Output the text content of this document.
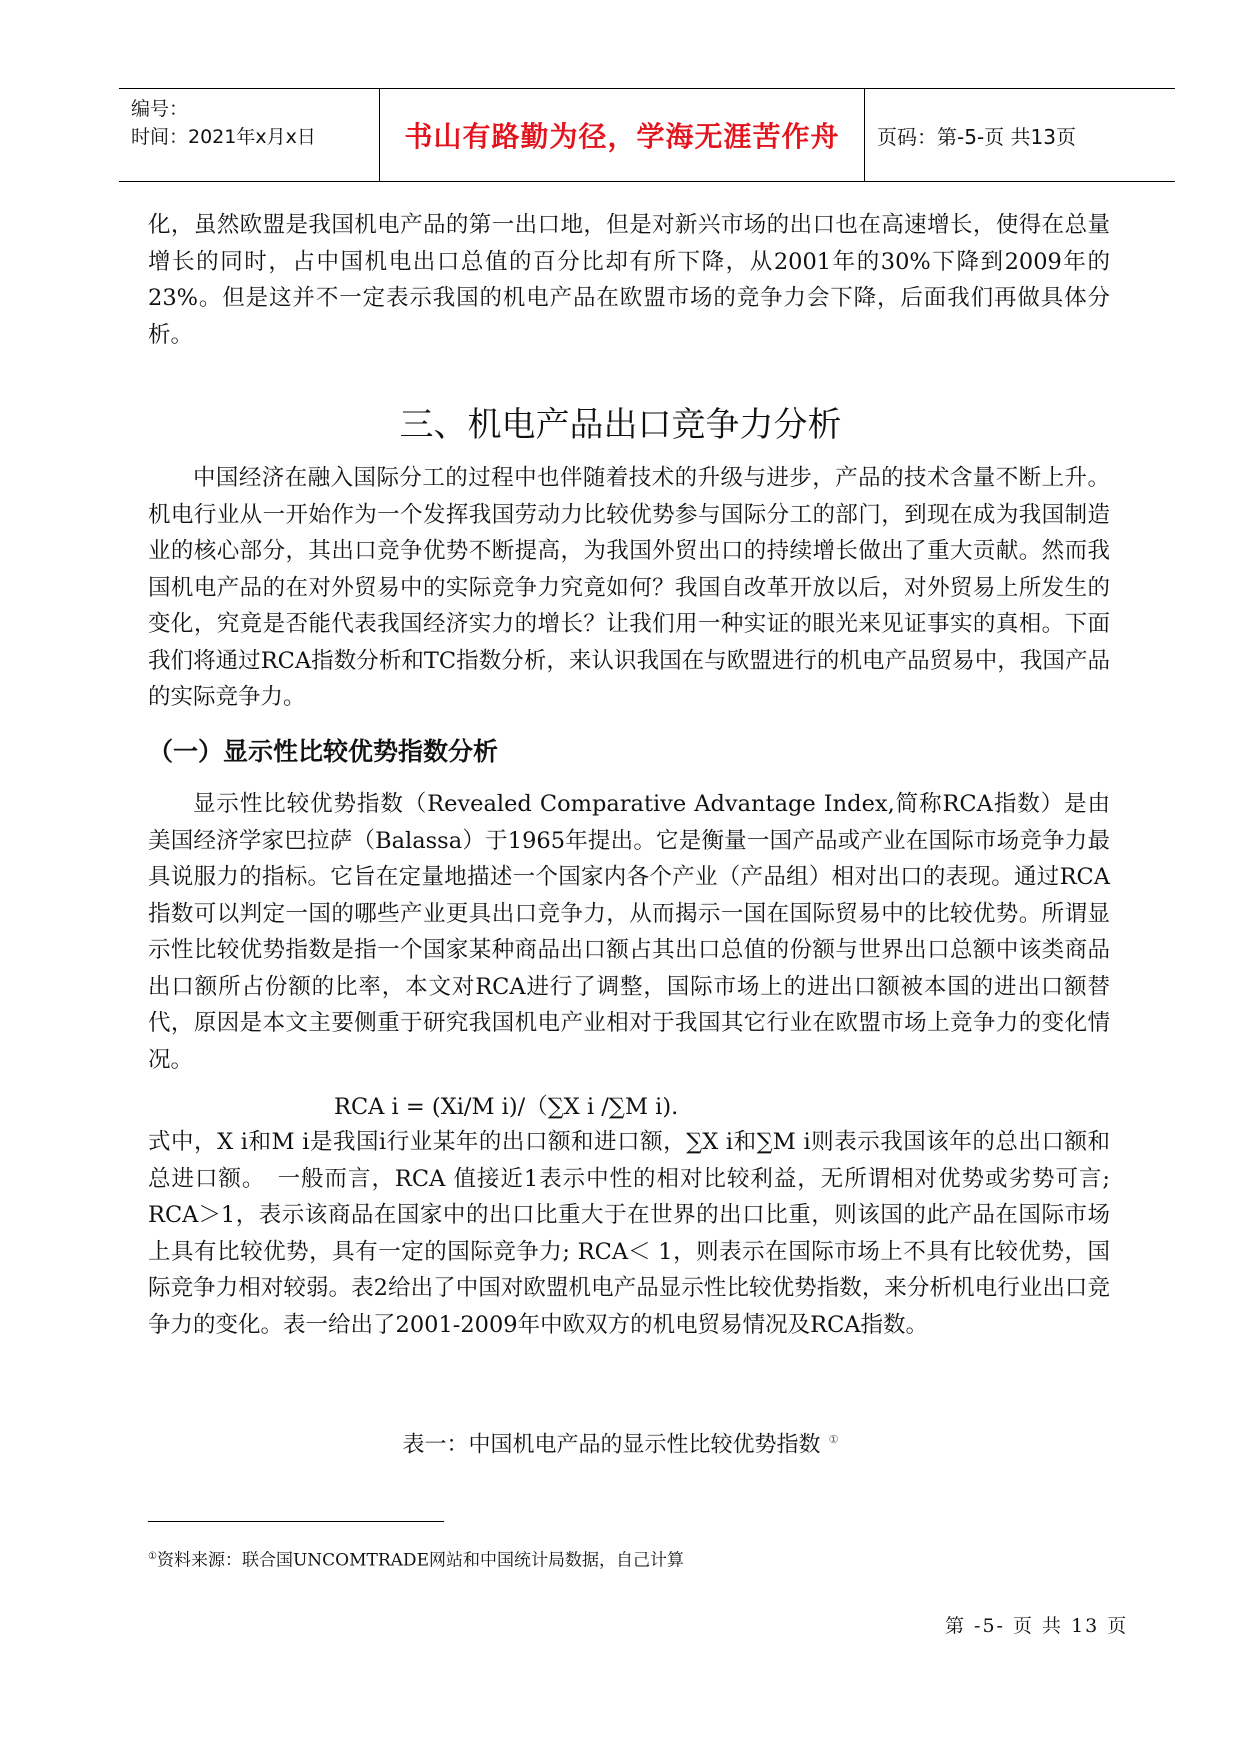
编号：
时间：2021年x月x日	书山有路勤为径，学海无涯苦作舟	页码：第-5-页 共13页
化，虽然欧盟是我国机电产品的第一出口地，但是对新兴市场的出口也在高速增长，使得在总量增长的同时，占中国机电出口总值的百分比却有所下降，从2001年的30%下降到2009年的23%。但是这并不一定表示我国的机电产品在欧盟市场的竞争力会下降，后面我们再做具体分析。
三、机电产品出口竞争力分析
中国经济在融入国际分工的过程中也伴随着技术的升级与进步，产品的技术含量不断上升。机电行业从一开始作为一个发挥我国劳动力比较优势参与国际分工的部门，到现在成为我国制造业的核心部分，其出口竞争优势不断提高，为我国外贸出口的持续增长做出了重大贡献。然而我国机电产品的在对外贸易中的实际竞争力究竟如何？我国自改革开放以后，对外贸易上所发生的变化，究竟是否能代表我国经济实力的增长？让我们用一种实证的眼光来见证事实的真相。下面我们将通过RCA指数分析和TC指数分析，来认识我国在与欧盟进行的机电产品贸易中，我国产品的实际竞争力。
（一）显示性比较优势指数分析
显示性比较优势指数（Revealed Comparative Advantage Index,简称RCA指数）是由美国经济学家巴拉萨（Balassa）于1965年提出。它是衡量一国产品或产业在国际市场竞争力最具说服力的指标。它旨在定量地描述一个国家内各个产业（产品组）相对出口的表现。通过RCA指数可以判定一国的哪些产业更具出口竞争力，从而揭示一国在国际贸易中的比较优势。所谓显示性比较优势指数是指一个国家某种商品出口额占其出口总值的份额与世界出口总额中该类商品出口额所占份额的比率，本文对RCA进行了调整，国际市场上的进出口额被本国的进出口额替代，原因是本文主要侧重于研究我国机电产业相对于我国其它行业在欧盟市场上竞争力的变化情况。
RCA i = (Xi/M i)/（∑X i /∑M i).
式中，X i和M i是我国i行业某年的出口额和进口额，∑X i和∑M i则表示我国该年的总出口额和总进口额。　一般而言，RCA 值接近1表示中性的相对比较利益，无所谓相对优势或劣势可言; RCA＞1，表示该商品在国家中的出口比重大于在世界的出口比重，则该国的此产品在国际市场上具有比较优势，具有一定的国际竞争力; RCA＜ 1，则表示在国际市场上不具有比较优势，国际竞争力相对较弱。表2给出了中国对欧盟机电产品显示性比较优势指数，来分析机电行业出口竞争力的变化。表一给出了2001-2009年中欧双方的机电贸易情况及RCA指数。
表一：中国机电产品的显示性比较优势指数 ①
①资料来源：联合国UNCOMTRADE网站和中国统计局数据，自己计算
第 -5- 页 共 13 页
